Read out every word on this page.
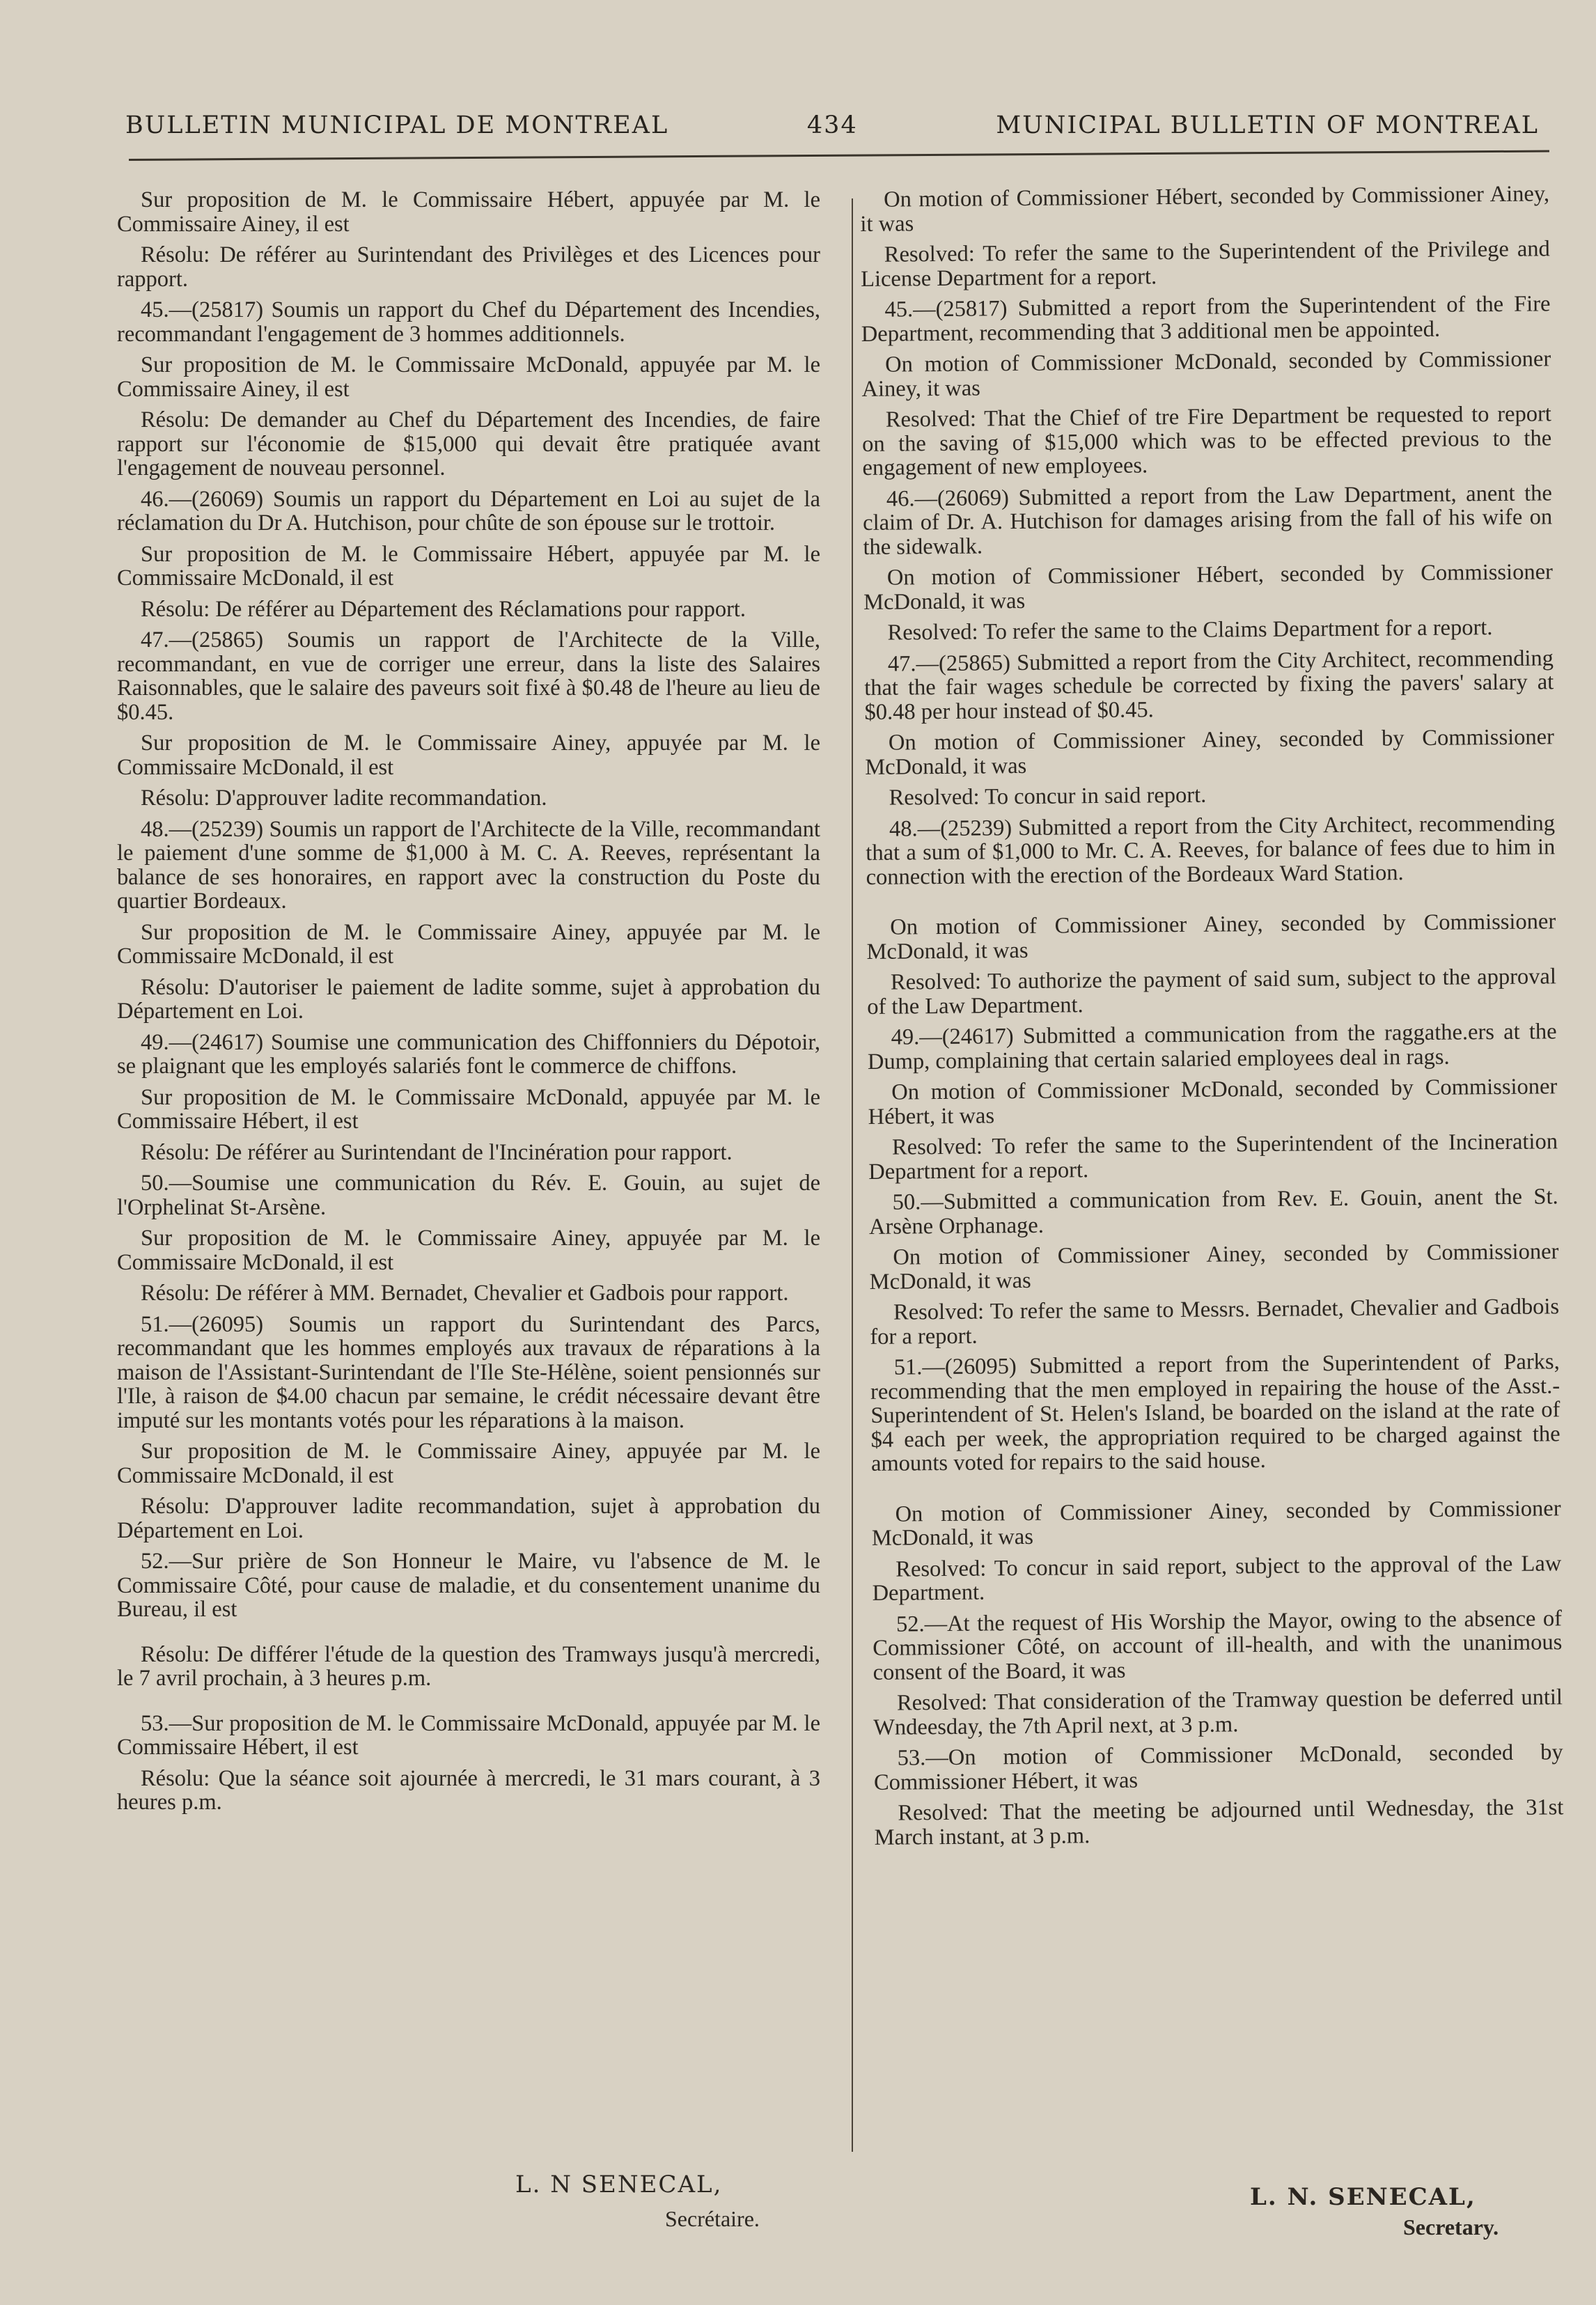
BULLETIN MUNICIPAL DE MONTREAL	434	MUNICIPAL BULLETIN OF MONTREAL

Sur proposition de M. le Commissaire Hébert, appuyée par M. le Commissaire Ainey, il est

Résolu: De référer au Surintendant des Privilèges et des Licences pour rapport.

45.—(25817) Soumis un rapport du Chef du Département des Incendies, recommandant l'engagement de 3 hommes additionnels.

Sur proposition de M. le Commissaire McDonald, appuyée par M. le Commissaire Ainey, il est

Résolu: De demander au Chef du Département des Incendies, de faire rapport sur l'économie de $15,000 qui devait être pratiquée avant l'engagement de nouveau personnel.

46.—(26069) Soumis un rapport du Département en Loi au sujet de la réclamation du Dr A. Hutchison, pour chûte de son épouse sur le trottoir.

Sur proposition de M. le Commissaire Hébert, appuyée par M. le Commissaire McDonald, il est

Résolu: De référer au Département des Réclamations pour rapport.

47.—(25865) Soumis un rapport de l'Architecte de la Ville, recommandant, en vue de corriger une erreur, dans la liste des Salaires Raisonnables, que le salaire des paveurs soit fixé à $0.48 de l'heure au lieu de $0.45.

Sur proposition de M. le Commissaire Ainey, appuyée par M. le Commissaire McDonald, il est

Résolu: D'approuver ladite recommandation.

48.—(25239) Soumis un rapport de l'Architecte de la Ville, recommandant le paiement d'une somme de $1,000 à M. C. A. Reeves, représentant la balance de ses honoraires, en rapport avec la construction du Poste du quartier Bordeaux.

Sur proposition de M. le Commissaire Ainey, appuyée par M. le Commissaire McDonald, il est

Résolu: D'autoriser le paiement de ladite somme, sujet à approbation du Département en Loi.

49.—(24617) Soumise une communication des Chiffonniers du Dépotoir, se plaignant que les employés salariés font le commerce de chiffons.

Sur proposition de M. le Commissaire McDonald, appuyée par M. le Commissaire Hébert, il est

Résolu: De référer au Surintendant de l'Incinération pour rapport.

50.—Soumise une communication du Rév. E. Gouin, au sujet de l'Orphelinat St-Arsène.

Sur proposition de M. le Commissaire Ainey, appuyée par M. le Commissaire McDonald, il est

Résolu: De référer à MM. Bernadet, Chevalier et Gadbois pour rapport.

51.—(26095) Soumis un rapport du Surintendant des Parcs, recommandant que les hommes employés aux travaux de réparations à la maison de l'Assistant-Surintendant de l'Ile Ste-Hélène, soient pensionnés sur l'Ile, à raison de $4.00 chacun par semaine, le crédit nécessaire devant être imputé sur les montants votés pour les réparations à la maison.

Sur proposition de M. le Commissaire Ainey, appuyée par M. le Commissaire McDonald, il est

Résolu: D'approuver ladite recommandation, sujet à approbation du Département en Loi.

52.—Sur prière de Son Honneur le Maire, vu l'absence de M. le Commissaire Côté, pour cause de maladie, et du consentement unanime du Bureau, il est

Résolu: De différer l'étude de la question des Tramways jusqu'à mercredi, le 7 avril prochain, à 3 heures p.m.

53.—Sur proposition de M. le Commissaire McDonald, appuyée par M. le Commissaire Hébert, il est

Résolu: Que la séance soit ajournée à mercredi, le 31 mars courant, à 3 heures p.m.

On motion of Commissioner Hébert, seconded by Commissioner Ainey, it was

Resolved: To refer the same to the Superintendent of the Privilege and License Department for a report.

45.—(25817) Submitted a report from the Superintendent of the Fire Department, recommending that 3 additional men be appointed.

On motion of Commissioner McDonald, seconded by Commissioner Ainey, it was

Resolved: That the Chief of tre Fire Department be requested to report on the saving of $15,000 which was to be effected previous to the engagement of new employees.

46.—(26069) Submitted a report from the Law Department, anent the claim of Dr. A. Hutchison for damages arising from the fall of his wife on the sidewalk.

On motion of Commissioner Hébert, seconded by Commissioner McDonald, it was

Resolved: To refer the same to the Claims Department for a report.

47.—(25865) Submitted a report from the City Architect, recommending that the fair wages schedule be corrected by fixing the pavers' salary at $0.48 per hour instead of $0.45.

On motion of Commissioner Ainey, seconded by Commissioner McDonald, it was

Resolved: To concur in said report.

48.—(25239) Submitted a report from the City Architect, recommending that a sum of $1,000 to Mr. C. A. Reeves, for balance of fees due to him in connection with the erection of the Bordeaux Ward Station.

On motion of Commissioner Ainey, seconded by Commissioner McDonald, it was

Resolved: To authorize the payment of said sum, subject to the approval of the Law Department.

49.—(24617) Submitted a communication from the raggathe.ers at the Dump, complaining that certain salaried employees deal in rags.

On motion of Commissioner McDonald, seconded by Commissioner Hébert, it was

Resolved: To refer the same to the Superintendent of the Incineration Department for a report.

50.—Submitted a communication from Rev. E. Gouin, anent the St. Arsène Orphanage.

On motion of Commissioner Ainey, seconded by Commissioner McDonald, it was

Resolved: To refer the same to Messrs. Bernadet, Chevalier and Gadbois for a report.

51.—(26095) Submitted a report from the Superintendent of Parks, recommending that the men employed in repairing the house of the Asst.-Superintendent of St. Helen's Island, be boarded on the island at the rate of $4 each per week, the appropriation required to be charged against the amounts voted for repairs to the said house.

On motion of Commissioner Ainey, seconded by Commissioner McDonald, it was

Resolved: To concur in said report, subject to the approval of the Law Department.

52.—At the request of His Worship the Mayor, owing to the absence of Commissioner Côté, on account of ill-health, and with the unanimous consent of the Board, it was

Resolved: That consideration of the Tramway question be deferred until Wndeesday, the 7th April next, at 3 p.m.

53.—On motion of Commissioner McDonald, seconded by Commissioner Hébert, it was

Resolved: That the meeting be adjourned until Wednesday, the 31st March instant, at 3 p.m.

L. N SENECAL,
Secrétaire.
L. N. SENECAL,
Secretary.
